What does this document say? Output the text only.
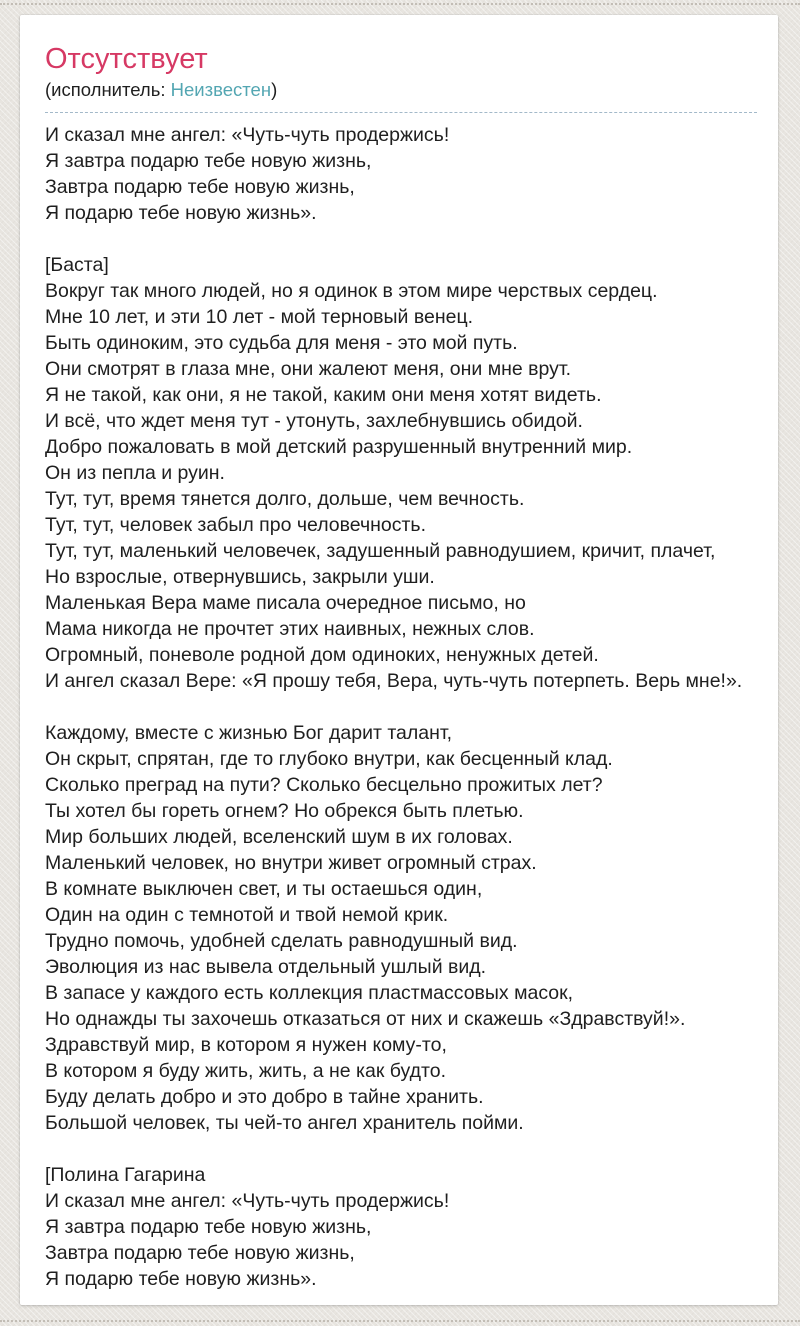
Отсутствует

(исполнитель: Неизвестен)

И сказал мне ангел: «Чуть-чуть продержись!
Я завтра подарю тебе новую жизнь,
Завтра подарю тебе новую жизнь,
Я подарю тебе новую жизнь».

[Баста]
Вокруг так много людей, но я одинок в этом мире черствых сердец.
Мне 10 лет, и эти 10 лет - мой терновый венец.
Быть одиноким, это судьба для меня - это мой путь.
Они смотрят в глаза мне, они жалеют меня, они мне врут.
Я не такой, как они, я не такой, каким они меня хотят видеть.
И всё, что ждет меня тут - утонуть, захлебнувшись обидой.
Добро пожаловать в мой детский разрушенный внутренний мир.
Он из пепла и руин.
Тут, тут, время тянется долго, дольше, чем вечность.
Тут, тут, человек забыл про человечность.
Тут, тут, маленький человечек, задушенный равнодушием, кричит, плачет,
Но взрослые, отвернувшись, закрыли уши.
Маленькая Вера маме писала очередное письмо, но
Мама никогда не прочтет этих наивных, нежных слов.
Огромный, поневоле родной дом одиноких, ненужных детей.
И ангел сказал Вере: «Я прошу тебя, Вера, чуть-чуть потерпеть. Верь мне!».

Каждому, вместе с жизнью Бог дарит талант,
Он скрыт, спрятан, где то глубоко внутри, как бесценный клад.
Сколько преград на пути? Сколько бесцельно прожитых лет?
Ты хотел бы гореть огнем? Но обрекся быть плетью.
Мир больших людей, вселенский шум в их головах.
Маленький человек, но внутри живет огромный страх.
В комнате выключен свет, и ты остаешься один,
Один на один с темнотой и твой немой крик.
Трудно помочь, удобней сделать равнодушный вид.
Эволюция из нас вывела отдельный ушлый вид.
В запасе у каждого есть коллекция пластмассовых масок,
Но однажды ты захочешь отказаться от них и скажешь «Здравствуй!».
Здравствуй мир, в котором я нужен кому-то,
В котором я буду жить, жить, а не как будто.
Буду делать добро и это добро в тайне хранить.
Большой человек, ты чей-то ангел хранитель пойми.

[Полина Гагарина
И сказал мне ангел: «Чуть-чуть продержись!
Я завтра подарю тебе новую жизнь,
Завтра подарю тебе новую жизнь,
Я подарю тебе новую жизнь».
